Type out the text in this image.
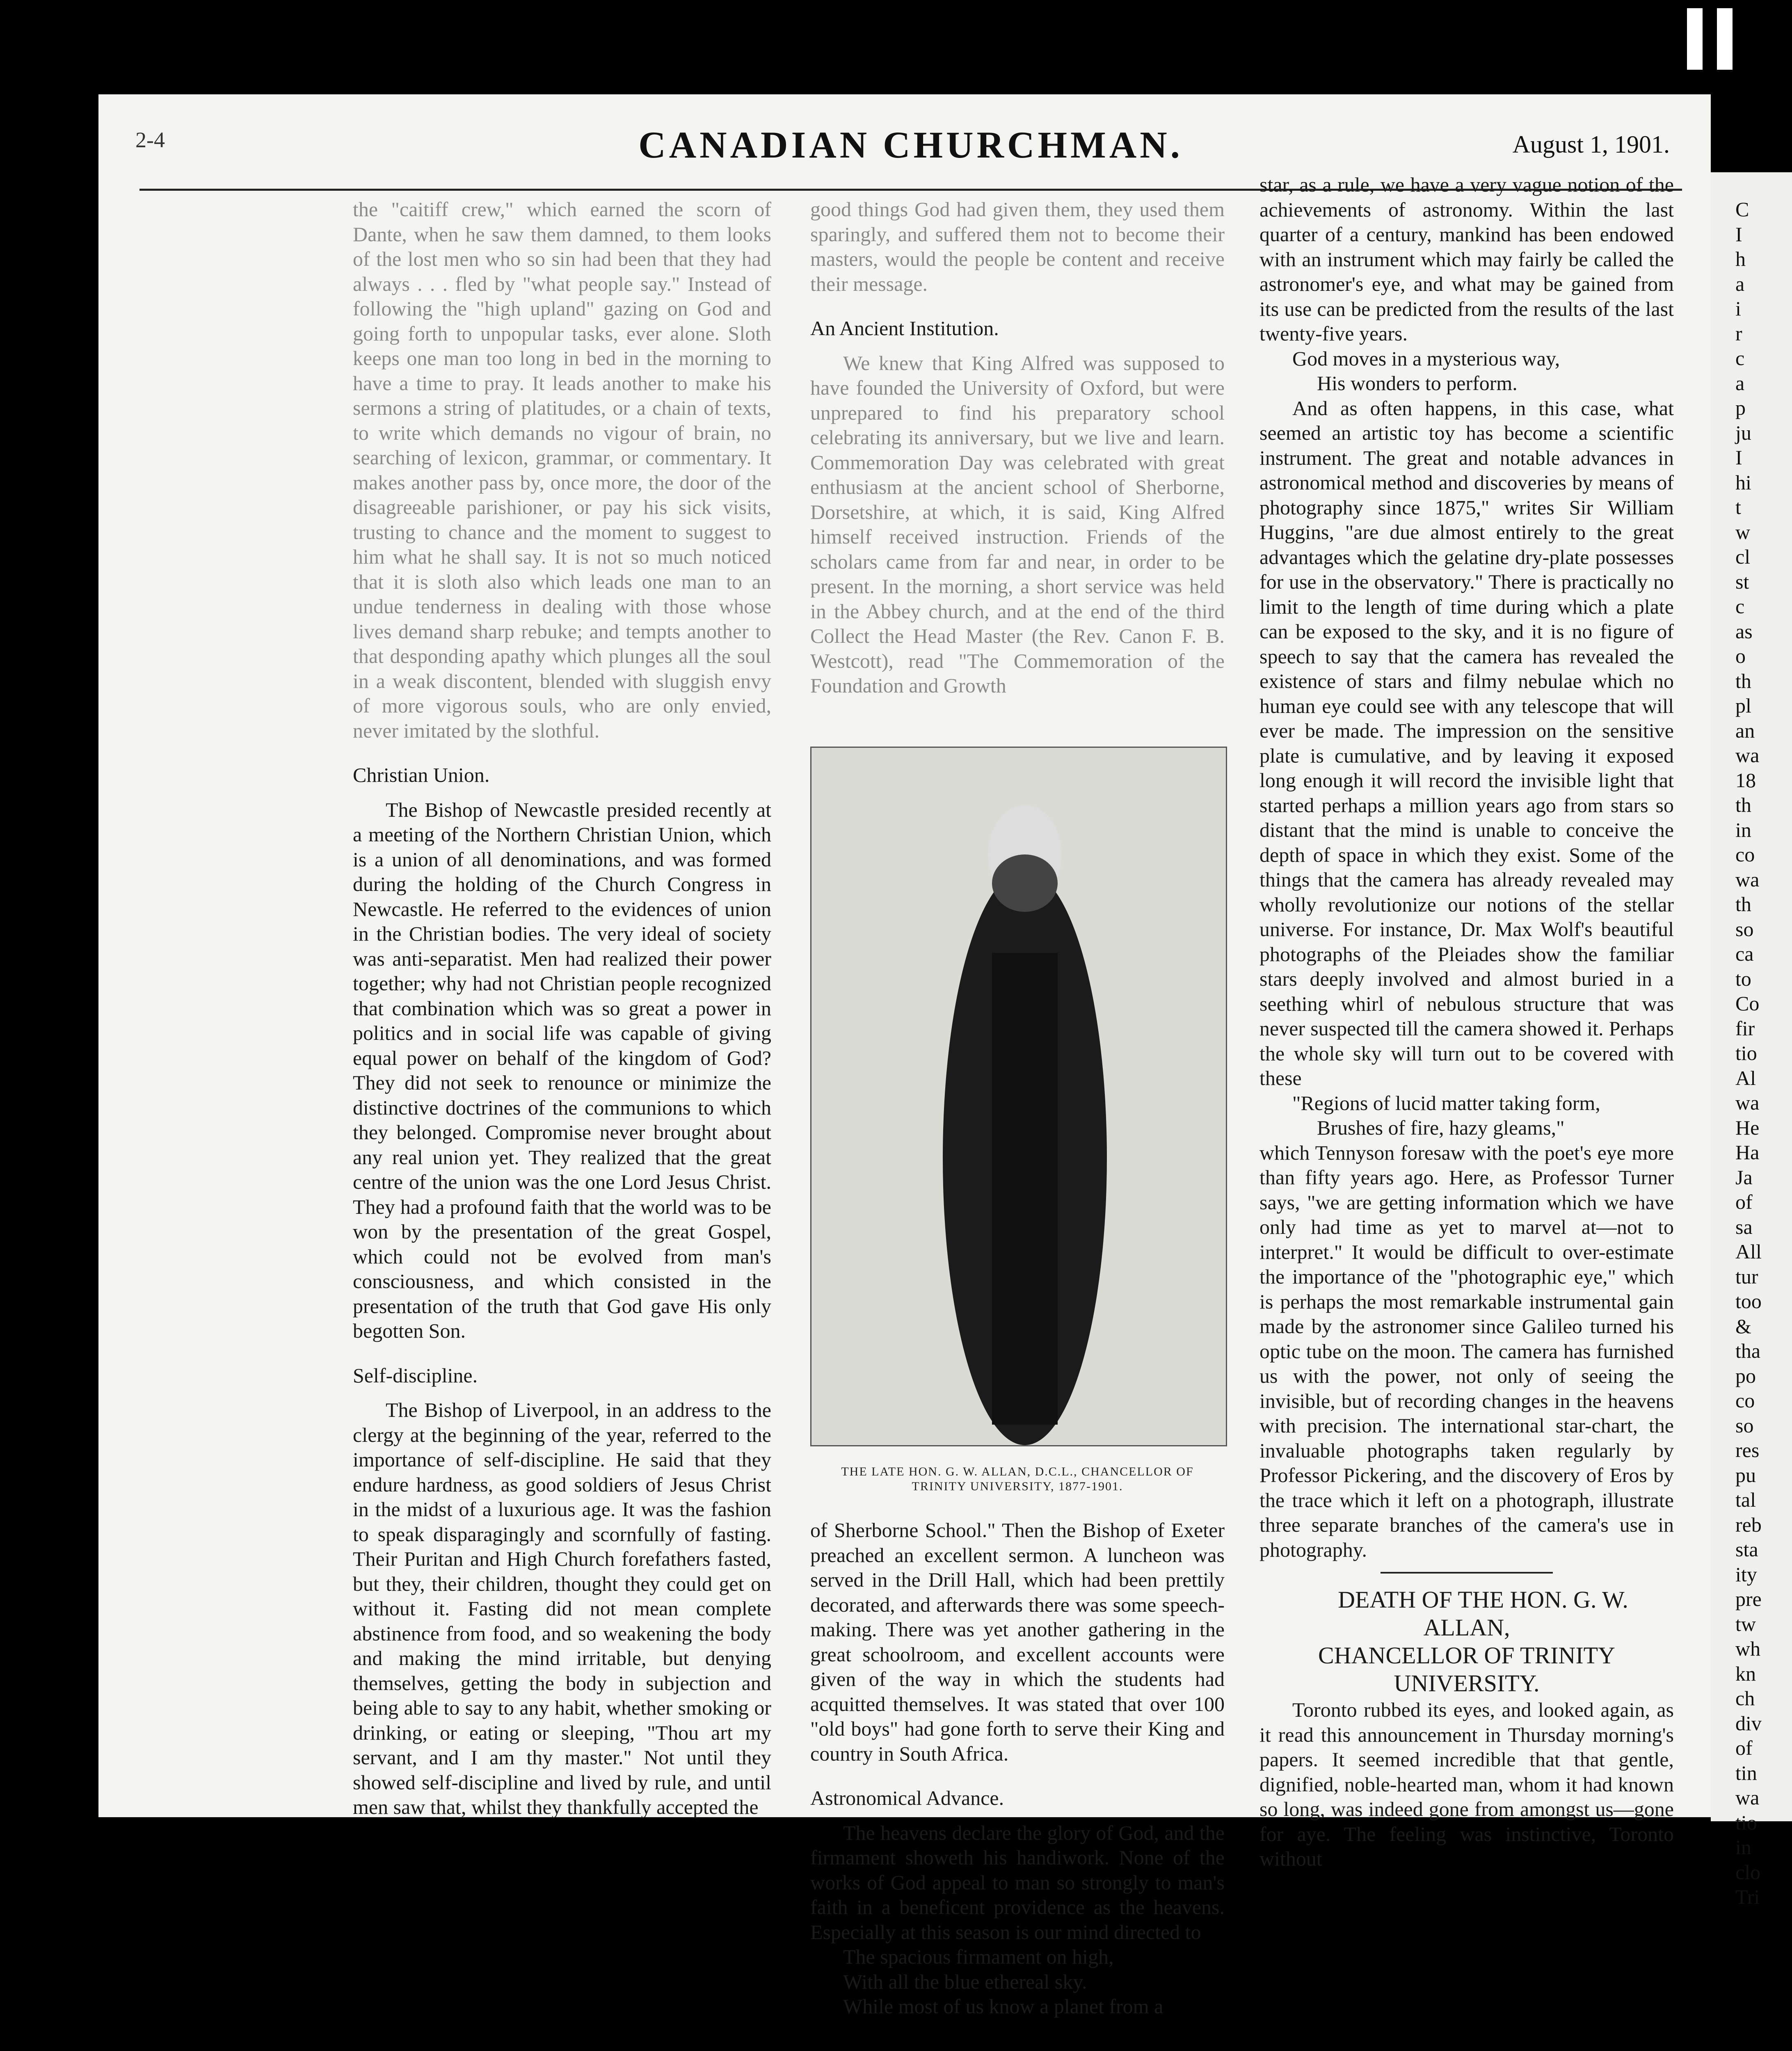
C
I
h
a
i
r
c
a
p
ju
I
hi
t
w
cl
st
c
as
o
th
pl
an
wa
18
th
in
co
wa
th
so
ca
to
Co
fir
tio
Al
wa
He
Ha
Ja
of
sa
All
tur
too
&
tha
po
co
so
res
pu
tal
reb
sta
ity
pre
tw
wh
kn
ch
div
of
tin
wa
tio
in
clo
Tri
2-4	CANADIAN CHURCHMAN.	August 1, 1901.

the "caitiff crew," which earned the scorn of Dante, when he saw them damned, to them looks of the lost men who so sin had been that they had always . . . fled by "what people say." Instead of following the "high upland" gazing on God and going forth to unpopular tasks, ever alone. Sloth keeps one man too long in bed in the morning to have a time to pray. It leads another to make his sermons a string of platitudes, or a chain of texts, to write which demands no vigour of brain, no searching of lexicon, grammar, or commentary. It makes another pass by, once more, the door of the disagreeable parishioner, or pay his sick visits, trusting to chance and the moment to suggest to him what he shall say. It is not so much noticed that it is sloth also which leads one man to an undue tenderness in dealing with those whose lives demand sharp rebuke; and tempts another to that desponding apathy which plunges all the soul in a weak discontent, blended with sluggish envy of more vigorous souls, who are only envied, never imitated by the slothful.

Christian Union.

The Bishop of Newcastle presided recently at a meeting of the Northern Christian Union, which is a union of all denominations, and was formed during the holding of the Church Congress in Newcastle. He referred to the evidences of union in the Christian bodies. The very ideal of society was anti-separatist. Men had realized their power together; why had not Christian people recognized that combination which was so great a power in politics and in social life was capable of giving equal power on behalf of the kingdom of God? They did not seek to renounce or minimize the distinctive doctrines of the communions to which they belonged. Compromise never brought about any real union yet. They realized that the great centre of the union was the one Lord Jesus Christ. They had a profound faith that the world was to be won by the presentation of the great Gospel, which could not be evolved from man's consciousness, and which consisted in the presentation of the truth that God gave His only begotten Son.

Self-discipline.

The Bishop of Liverpool, in an address to the clergy at the beginning of the year, referred to the importance of self-discipline. He said that they endure hardness, as good soldiers of Jesus Christ in the midst of a luxurious age. It was the fashion to speak disparagingly and scornfully of fasting. Their Puritan and High Church forefathers fasted, but they, their children, thought they could get on without it. Fasting did not mean complete abstinence from food, and so weakening the body and making the mind irritable, but denying themselves, getting the body in subjection and being able to say to any habit, whether smoking or drinking, or eating or sleeping, "Thou art my servant, and I am thy master." Not until they showed self-discipline and lived by rule, and until men saw that, whilst they thankfully accepted the

good things God had given them, they used them sparingly, and suffered them not to become their masters, would the people be content and receive their message.

An Ancient Institution.

We knew that King Alfred was supposed to have founded the University of Oxford, but were unprepared to find his preparatory school celebrating its anniversary, but we live and learn. Commemoration Day was celebrated with great enthusiasm at the ancient school of Sherborne, Dorsetshire, at which, it is said, King Alfred himself received instruction. Friends of the scholars came from far and near, in order to be present. In the morning, a short service was held in the Abbey church, and at the end of the third Collect the Head Master (the Rev. Canon F. B. Westcott), read "The Commemoration of the Foundation and Growth

THE LATE HON. G. W. ALLAN, D.C.L., CHANCELLOR OF
TRINITY UNIVERSITY, 1877-1901.

of Sherborne School." Then the Bishop of Exeter preached an excellent sermon. A luncheon was served in the Drill Hall, which had been prettily decorated, and afterwards there was some speech-making. There was yet another gathering in the great schoolroom, and excellent accounts were given of the way in which the students had acquitted themselves. It was stated that over 100 "old boys" had gone forth to serve their King and country in South Africa.

Astronomical Advance.

The heavens declare the glory of God, and the firmament showeth his handiwork. None of the works of God appeal to man so strongly to man's faith in a beneficent providence as the heavens. Especially at this season is our mind directed to

The spacious firmament on high,

With all the blue ethereal sky.

While most of us know a planet from a

star, as a rule, we have a very vague notion of the achievements of astronomy. Within the last quarter of a century, mankind has been endowed with an instrument which may fairly be called the astronomer's eye, and what may be gained from its use can be predicted from the results of the last twenty-five years.

God moves in a mysterious way,

His wonders to perform.

And as often happens, in this case, what seemed an artistic toy has become a scientific instrument. The great and notable advances in astronomical method and discoveries by means of photography since 1875," writes Sir William Huggins, "are due almost entirely to the great advantages which the gelatine dry-plate possesses for use in the observatory." There is practically no limit to the length of time during which a plate can be exposed to the sky, and it is no figure of speech to say that the camera has revealed the existence of stars and filmy nebulae which no human eye could see with any telescope that will ever be made. The impression on the sensitive plate is cumulative, and by leaving it exposed long enough it will record the invisible light that started perhaps a million years ago from stars so distant that the mind is unable to conceive the depth of space in which they exist. Some of the things that the camera has already revealed may wholly revolutionize our notions of the stellar universe. For instance, Dr. Max Wolf's beautiful photographs of the Pleiades show the familiar stars deeply involved and almost buried in a seething whirl of nebulous structure that was never suspected till the camera showed it. Perhaps the whole sky will turn out to be covered with these

"Regions of lucid matter taking form,

Brushes of fire, hazy gleams,"

which Tennyson foresaw with the poet's eye more than fifty years ago. Here, as Professor Turner says, "we are getting information which we have only had time as yet to marvel at—not to interpret." It would be difficult to over-estimate the importance of the "photographic eye," which is perhaps the most remarkable instrumental gain made by the astronomer since Galileo turned his optic tube on the moon. The camera has furnished us with the power, not only of seeing the invisible, but of recording changes in the heavens with precision. The international star-chart, the invaluable photographs taken regularly by Professor Pickering, and the discovery of Eros by the trace which it left on a photograph, illustrate three separate branches of the camera's use in photography.

DEATH OF THE HON. G. W. ALLAN,
CHANCELLOR OF TRINITY
UNIVERSITY.

Toronto rubbed its eyes, and looked again, as it read this announcement in Thursday morning's papers. It seemed incredible that that gentle, dignified, noble-hearted man, whom it had known so long, was indeed gone from amongst us—gone for aye. The feeling was instinctive, Toronto without
